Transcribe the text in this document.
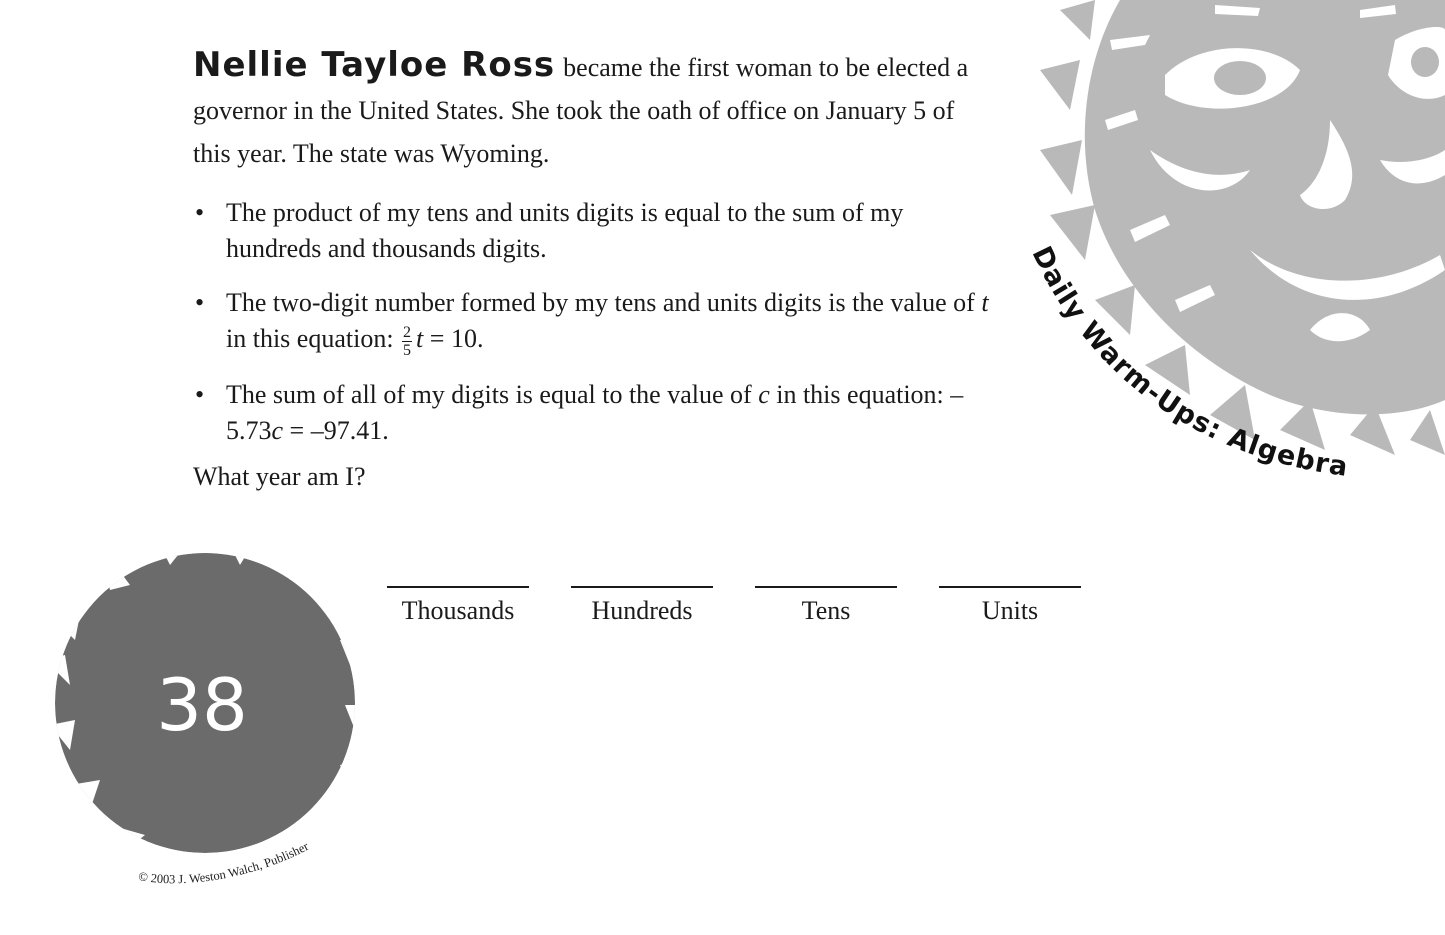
Daily Warm-Ups: Algebra

Nellie Tayloe Ross became the first woman to be elected a governor in the United States. She took the oath of office on January 5 of this year. The state was Wyoming.

• The product of my tens and units digits is equal to the sum of my hundreds and thousands digits.
• The two-digit number formed by my tens and units digits is the value of t in this equation: $\frac{2}{5}$ t = 10.
• The sum of all of my digits is equal to the value of c in this equation: –5.73c = –97.41.

What year am I?

Thousands	Hundreds	Tens	Units
38
© 2003 J. Weston Walch, Publisher
